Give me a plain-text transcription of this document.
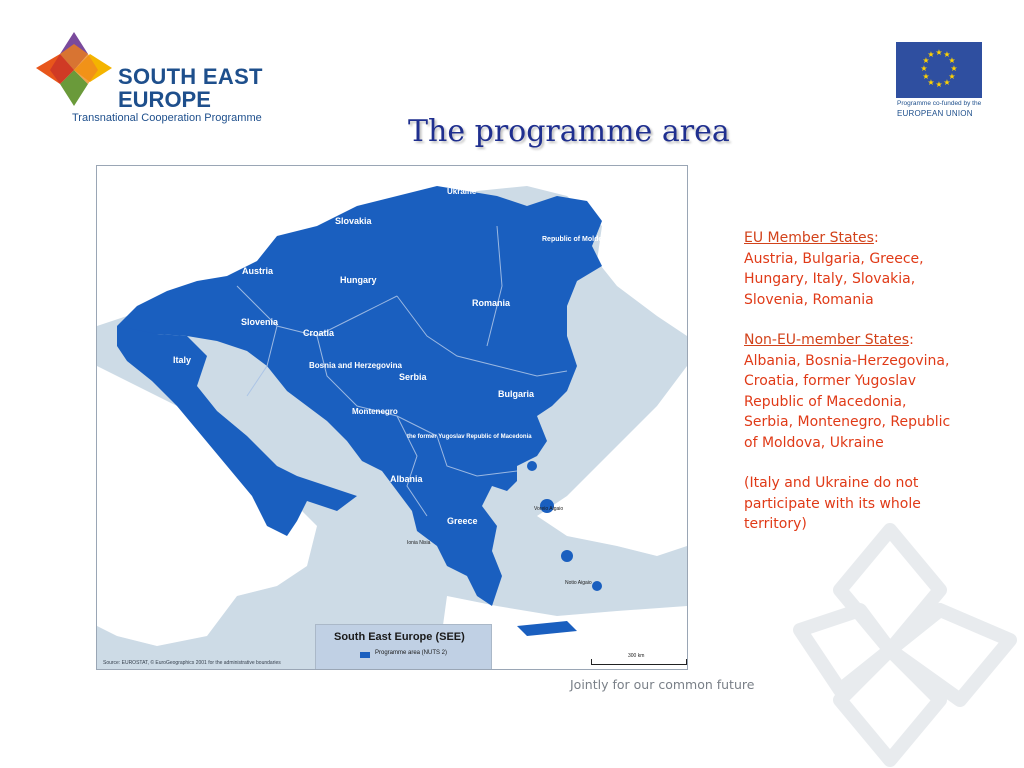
SOUTH EAST
EUROPE
Transnational Cooperation Programme
★ ★
★
★
★
★
★
★
★
★
★
★
Programme co-funded by the
EUROPEAN UNION
The programme area
Ukraine
Slovakia
Republic of Moldova
Austria
Hungary
Romania
Slovenia
Croatia
Italy
Bosnia and Herzegovina
Serbia
Bulgaria
Montenegro
the former Yugoslav Republic of Macedonia
Albania
Greece
Voreio Aigaio
Ionia Nisia
Notio Aigaio
South East Europe (SEE)
Programme area (NUTS 2)	300 km
Source: EUROSTAT, © EuroGeographics 2001 for the administrative boundaries
EU Member States:
Austria, Bulgaria, Greece,
Hungary, Italy, Slovakia,
Slovenia, Romania
Non-EU-member States:
Albania, Bosnia-Herzegovina,
Croatia, former Yugoslav
Republic of Macedonia,
Serbia, Montenegro, Republic
of Moldova, Ukraine
(Italy and Ukraine do not
participate with its whole
territory)
Jointly for our common future
